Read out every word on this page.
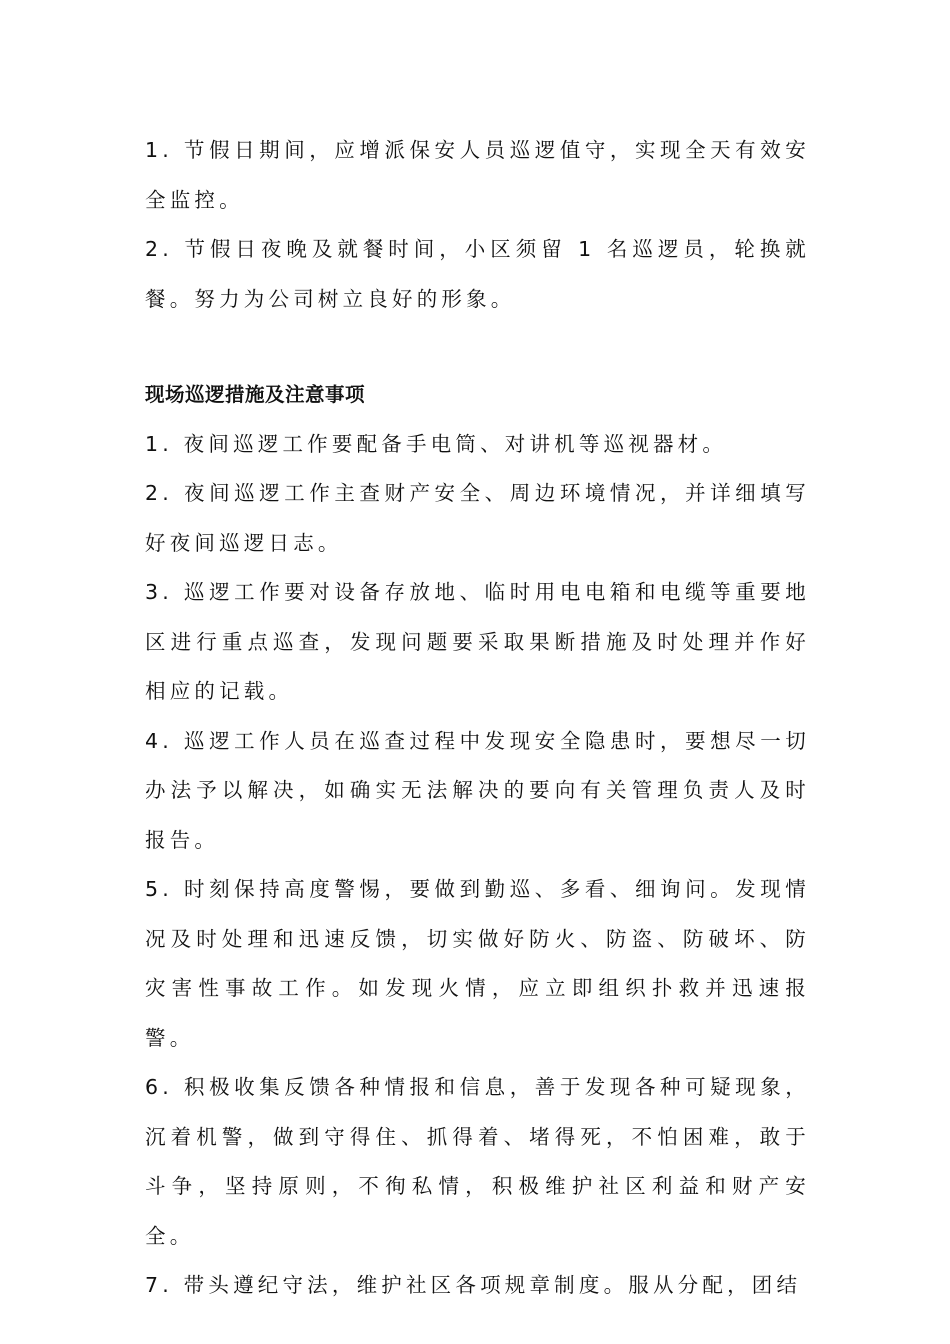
1. 节假日期间，应增派保安人员巡逻值守，实现全天有效安全监控。

2. 节假日夜晚及就餐时间，小区须留 1 名巡逻员，轮换就餐。努力为公司树立良好的形象。

现场巡逻措施及注意事项

1. 夜间巡逻工作要配备手电筒、对讲机等巡视器材。

2. 夜间巡逻工作主查财产安全、周边环境情况，并详细填写好夜间巡逻日志。

3. 巡逻工作要对设备存放地、临时用电电箱和电缆等重要地区进行重点巡查，发现问题要采取果断措施及时处理并作好相应的记载。

4. 巡逻工作人员在巡查过程中发现安全隐患时，要想尽一切办法予以解决，如确实无法解决的要向有关管理负责人及时报告。

5. 时刻保持高度警惕，要做到勤巡、多看、细询问。发现情况及时处理和迅速反馈，切实做好防火、防盗、防破坏、防灾害性事故工作。如发现火情，应立即组织扑救并迅速报警。

6. 积极收集反馈各种情报和信息，善于发现各种可疑现象，沉着机警，做到守得住、抓得着、堵得死，不怕困难，敢于斗争，坚持原则，不徇私情，积极维护社区利益和财产安全。

7. 带头遵纪守法，维护社区各项规章制度。服从分配，团结
